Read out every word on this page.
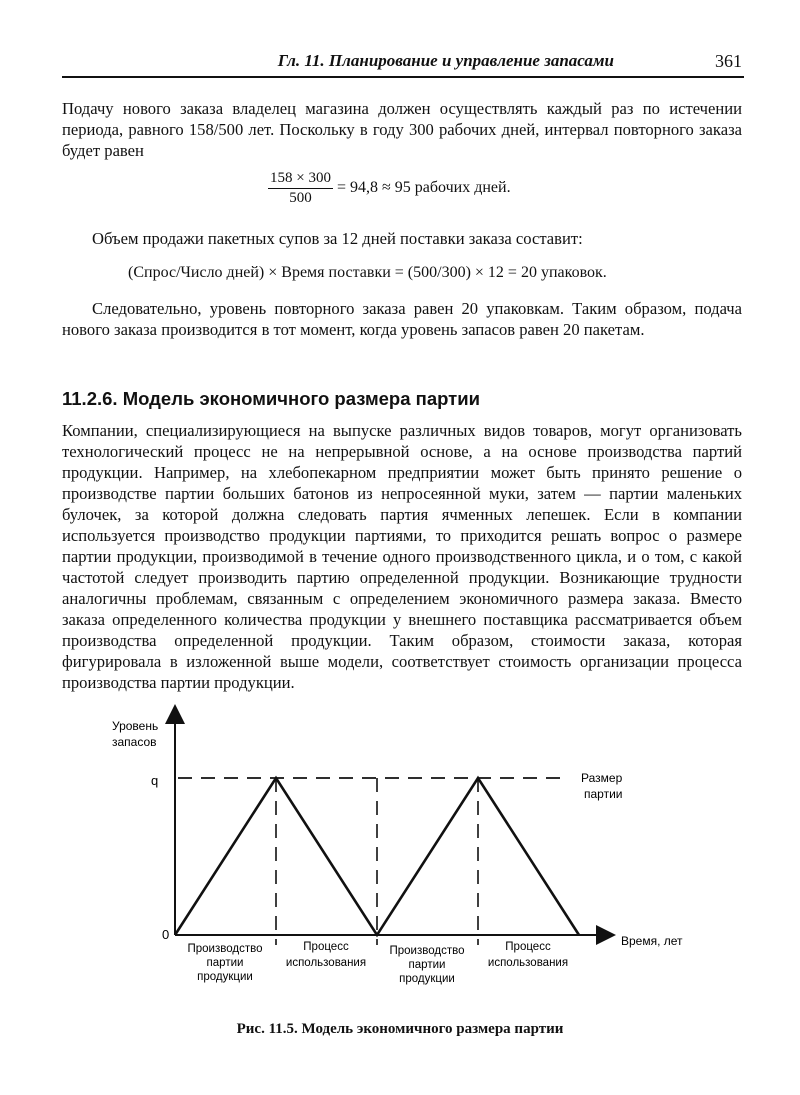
Гл. 11. Планирование и управление запасами	361

Подачу нового заказа владелец магазина должен осуществлять каждый раз по истечении периода, равного 158/500 лет. Поскольку в году 300 рабочих дней, интервал повторного заказа будет равен

$\frac{158 \times 300}{500} = 94,8 \approx 95$ рабочих дней.

Объем продажи пакетных супов за 12 дней поставки заказа составит:

(Спрос/Число дней) × Время поставки = (500/300) × 12 = 20 упаковок.

Следовательно, уровень повторного заказа равен 20 упаковкам. Таким образом, подача нового заказа производится в тот момент, когда уровень запасов равен 20 пакетам.

11.2.6. Модель экономичного размера партии

Компании, специализирующиеся на выпуске различных видов товаров, могут организовать технологический процесс не на непрерывной основе, а на основе производства партий продукции. Например, на хлебопекарном предприятии может быть принято решение о производстве партии больших батонов из непросеянной муки, затем — партии маленьких булочек, за которой должна следовать партия ячменных лепешек. Если в компании используется производство продукции партиями, то приходится решать вопрос о размере партии продукции, производимой в течение одного производственного цикла, и о том, с какой частотой следует производить партию определенной продукции. Возникающие трудности аналогичны проблемам, связанным с определением экономичного размера заказа. Вместо заказа определенного количества продукции у внешнего поставщика рассматривается объем производства определенной продукции. Таким образом, стоимости заказа, которая фигурировала в изложенной выше модели, соответствует стоимость организации процесса производства партии продукции.

Уровень
запасов
q
0	Время, лет
Размер
партии
Производство
партии
продукции
Процесс
использования
Производство
партии
продукции
Процесс
использования
Рис. 11.5. Модель экономичного размера партии
